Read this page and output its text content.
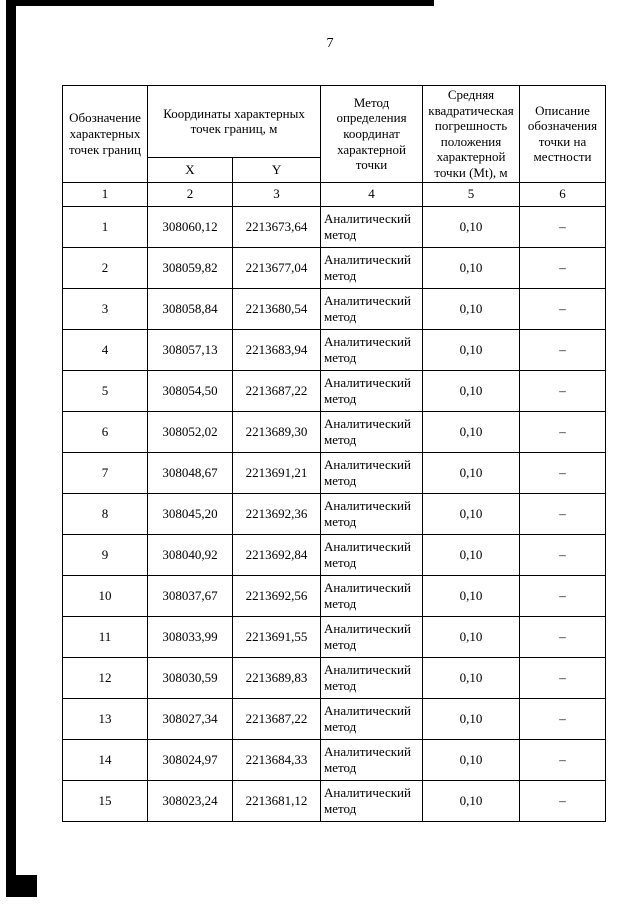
7
Обозначение характерных точек границ	Координаты характерных точек границ, м		Метод определения координат характерной точки	Средняя квадратическая погрешность положения характерной точки (Mt), м	Описание обозначения точки на местности
	X	Y			
1	2	3	4	5	6
1	308060,12	2213673,64	Аналитический метод	0,10	–
2	308059,82	2213677,04	Аналитический метод	0,10	–
3	308058,84	2213680,54	Аналитический метод	0,10	–
4	308057,13	2213683,94	Аналитический метод	0,10	–
5	308054,50	2213687,22	Аналитический метод	0,10	–
6	308052,02	2213689,30	Аналитический метод	0,10	–
7	308048,67	2213691,21	Аналитический метод	0,10	–
8	308045,20	2213692,36	Аналитический метод	0,10	–
9	308040,92	2213692,84	Аналитический метод	0,10	–
10	308037,67	2213692,56	Аналитический метод	0,10	–
11	308033,99	2213691,55	Аналитический метод	0,10	–
12	308030,59	2213689,83	Аналитический метод	0,10	–
13	308027,34	2213687,22	Аналитический метод	0,10	–
14	308024,97	2213684,33	Аналитический метод	0,10	–
15	308023,24	2213681,12	Аналитический метод	0,10	–
